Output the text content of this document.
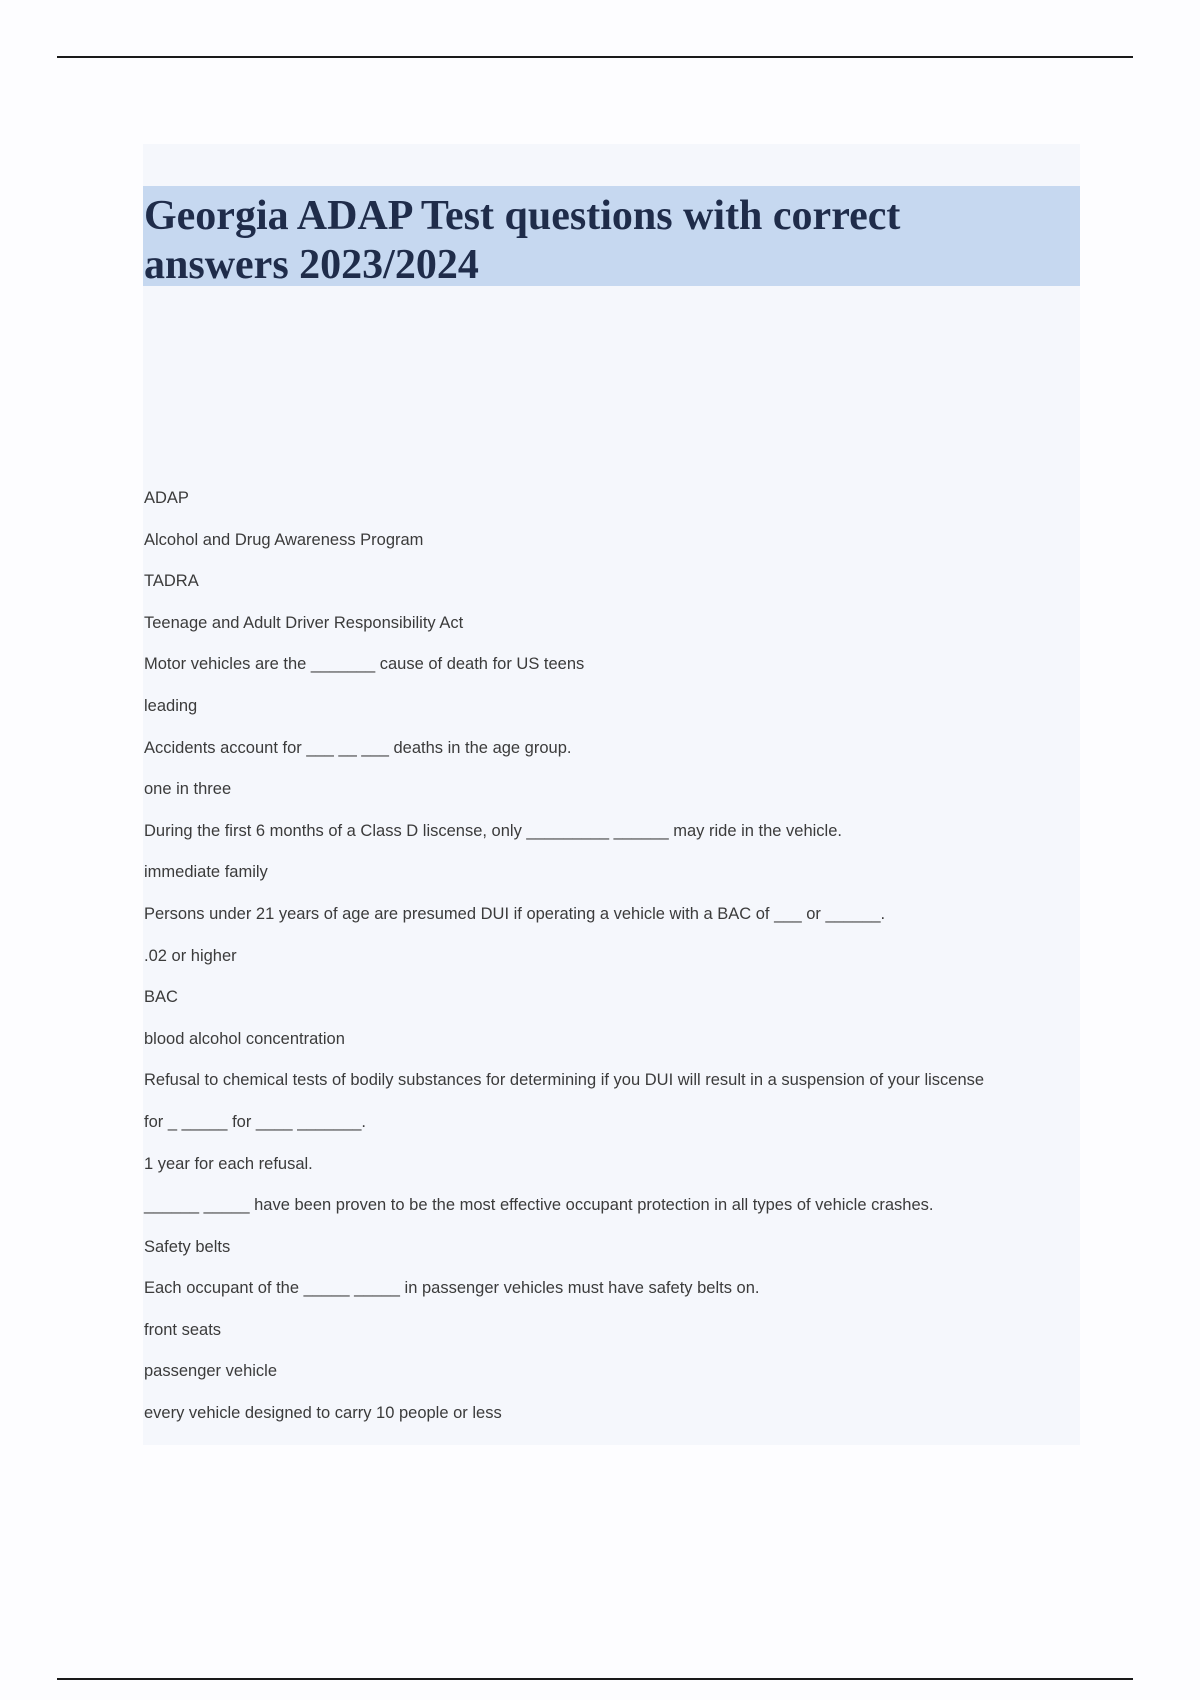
Georgia ADAP Test questions with correct
answers 2023/2024
ADAP
Alcohol and Drug Awareness Program
TADRA
Teenage and Adult Driver Responsibility Act
Motor vehicles are the _______ cause of death for US teens
leading
Accidents account for ___ __ ___ deaths in the age group.
one in three
During the first 6 months of a Class D liscense, only _________ ______ may ride in the vehicle.
immediate family
Persons under 21 years of age are presumed DUI if operating a vehicle with a BAC of ___ or ______.
.02 or higher
BAC
blood alcohol concentration
Refusal to chemical tests of bodily substances for determining if you DUI will result in a suspension of your liscense
for _ _____ for ____ _______.
1 year for each refusal.
______ _____ have been proven to be the most effective occupant protection in all types of vehicle crashes.
Safety belts
Each occupant of the _____ _____ in passenger vehicles must have safety belts on.
front seats
passenger vehicle
every vehicle designed to carry 10 people or less
